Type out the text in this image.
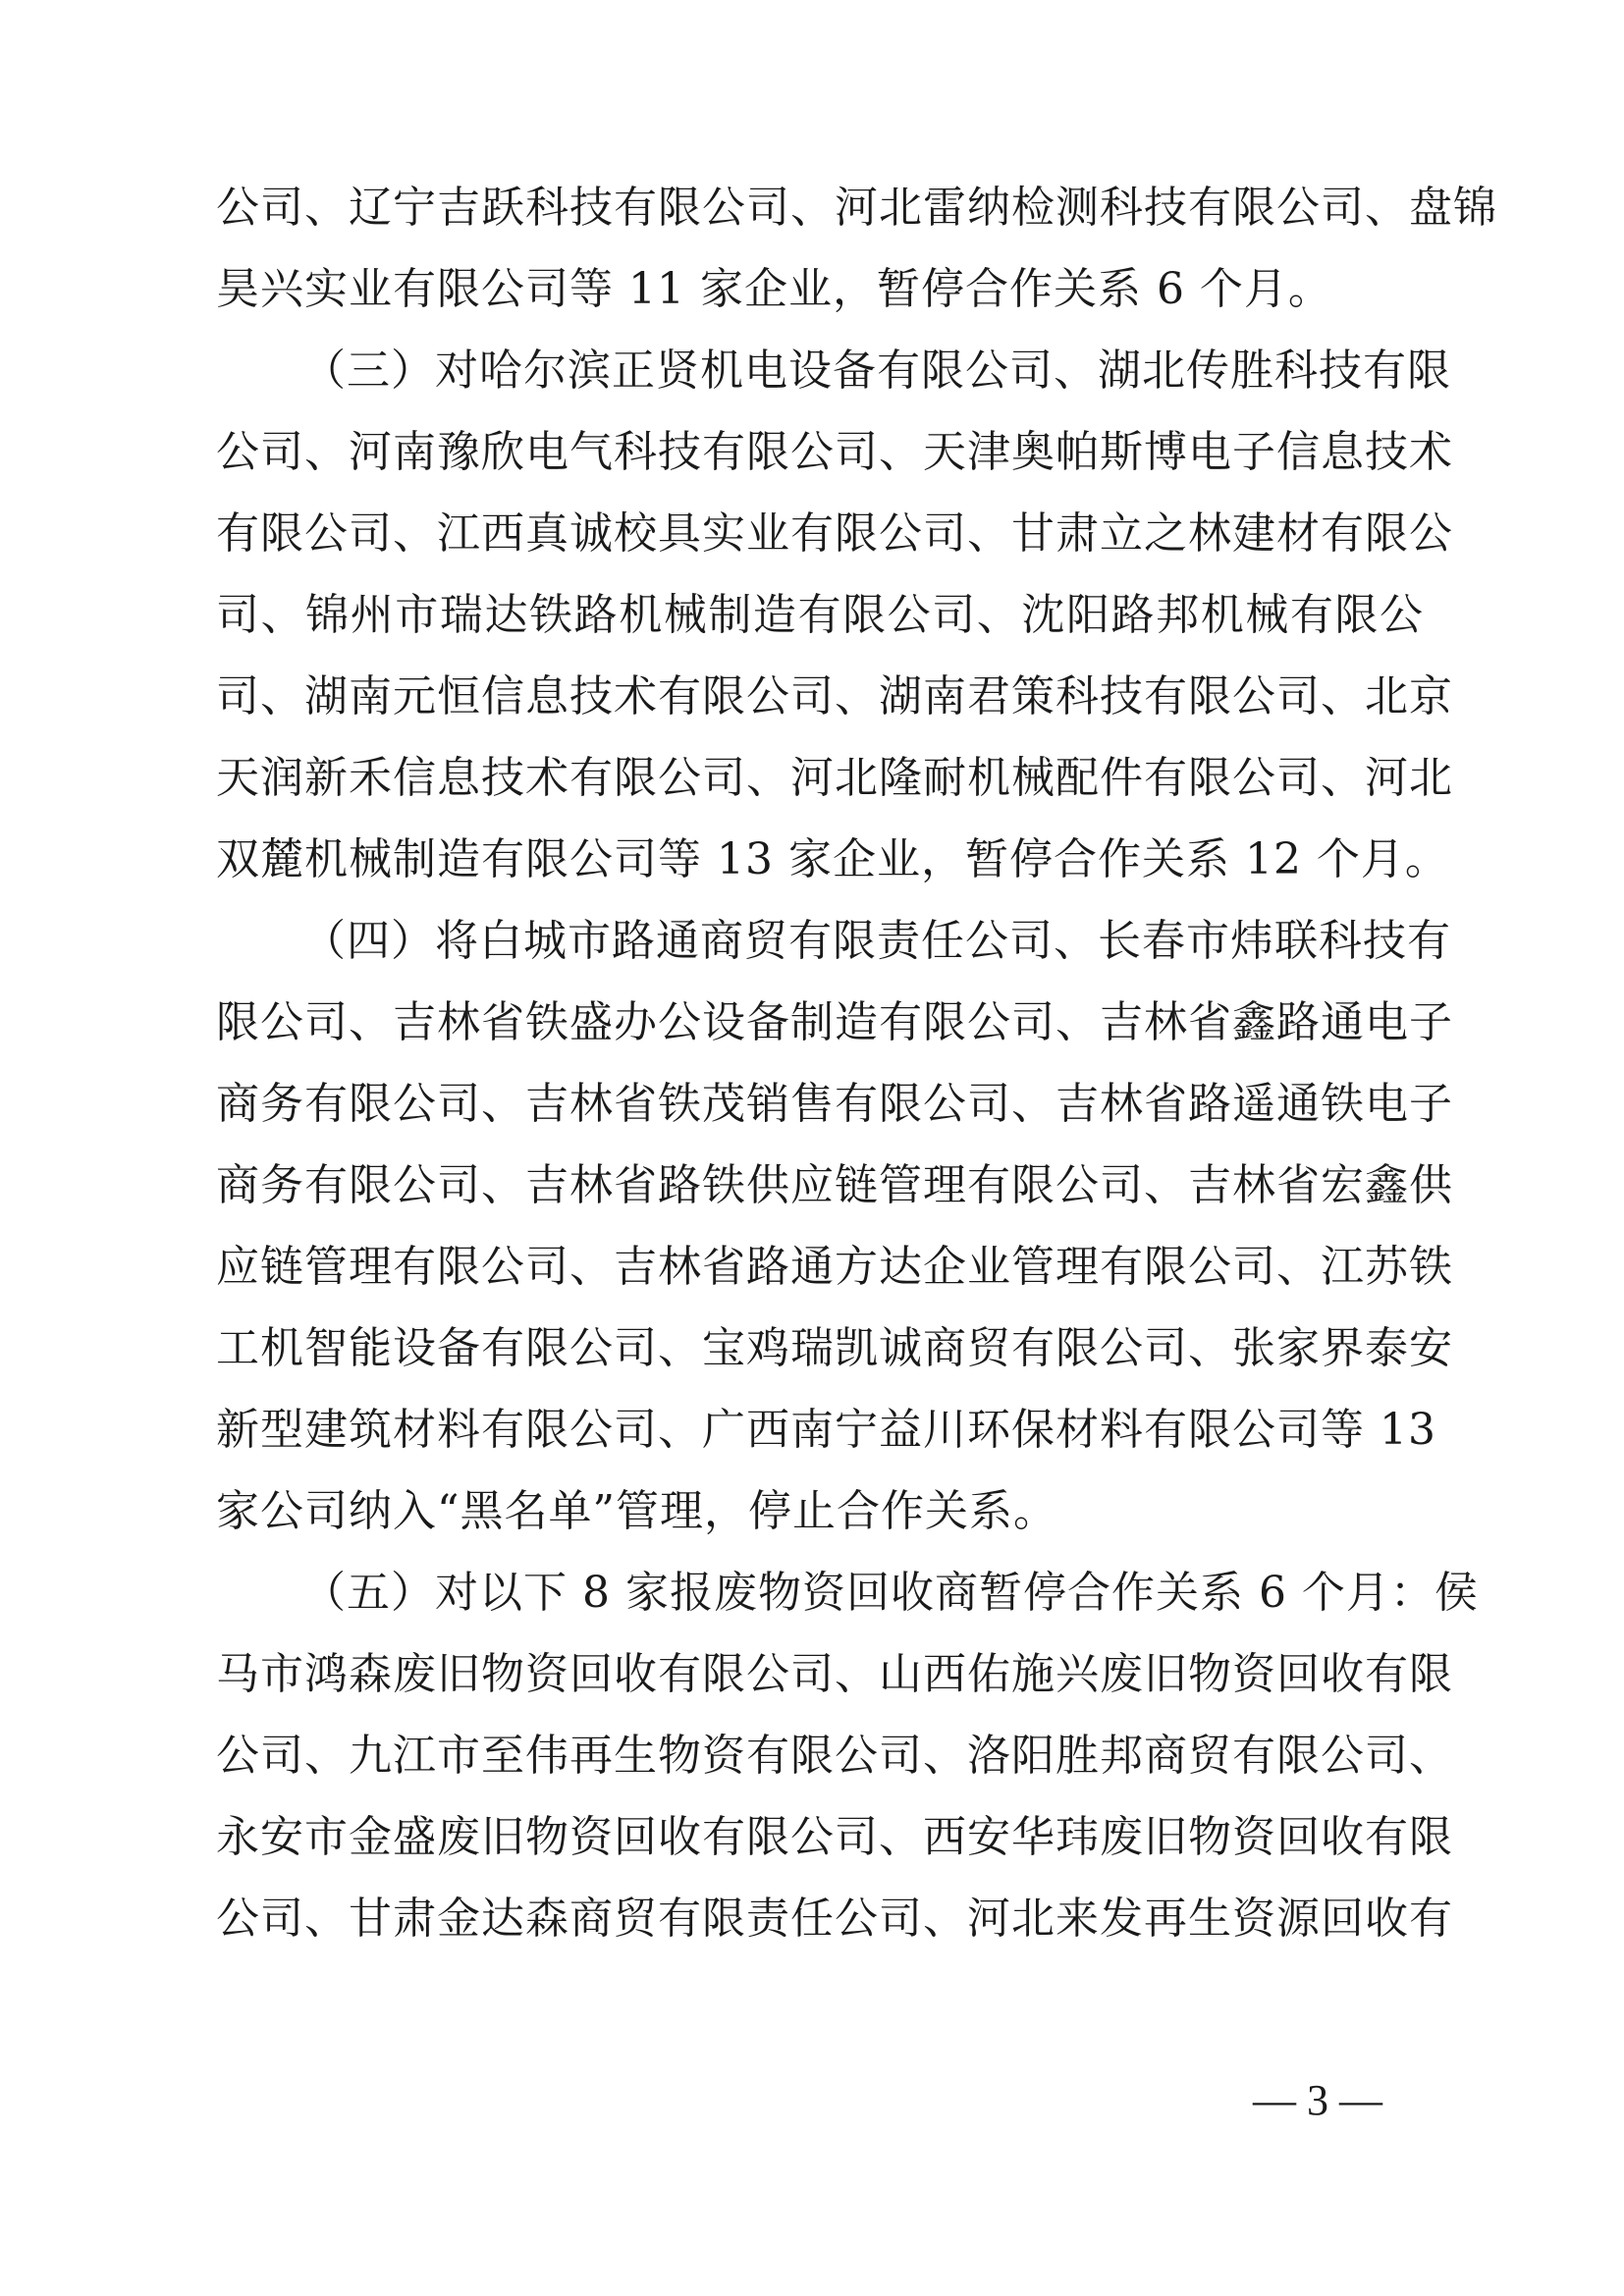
公司、辽宁吉跃科技有限公司、河北雷纳检测科技有限公司、盘锦
昊兴实业有限公司等 11 家企业，暂停合作关系 6 个月。
（三）对哈尔滨正贤机电设备有限公司、湖北传胜科技有限
公司、河南豫欣电气科技有限公司、天津奥帕斯博电子信息技术
有限公司、江西真诚校具实业有限公司、甘肃立之林建材有限公
司、锦州市瑞达铁路机械制造有限公司、沈阳路邦机械有限公
司、湖南元恒信息技术有限公司、湖南君策科技有限公司、北京
天润新禾信息技术有限公司、河北隆耐机械配件有限公司、河北
双麓机械制造有限公司等 13 家企业，暂停合作关系 12 个月。
（四）将白城市路通商贸有限责任公司、长春市炜联科技有
限公司、吉林省铁盛办公设备制造有限公司、吉林省鑫路通电子
商务有限公司、吉林省铁茂销售有限公司、吉林省路遥通铁电子
商务有限公司、吉林省路铁供应链管理有限公司、吉林省宏鑫供
应链管理有限公司、吉林省路通方达企业管理有限公司、江苏铁
工机智能设备有限公司、宝鸡瑞凯诚商贸有限公司、张家界泰安
新型建筑材料有限公司、广西南宁益川环保材料有限公司等 13
家公司纳入“黑名单”管理，停止合作关系。
（五）对以下 8 家报废物资回收商暂停合作关系 6 个月：侯
马市鸿森废旧物资回收有限公司、山西佑施兴废旧物资回收有限
公司、九江市至伟再生物资有限公司、洛阳胜邦商贸有限公司、
永安市金盛废旧物资回收有限公司、西安华玮废旧物资回收有限
公司、甘肃金达森商贸有限责任公司、河北来发再生资源回收有
— 3 —
